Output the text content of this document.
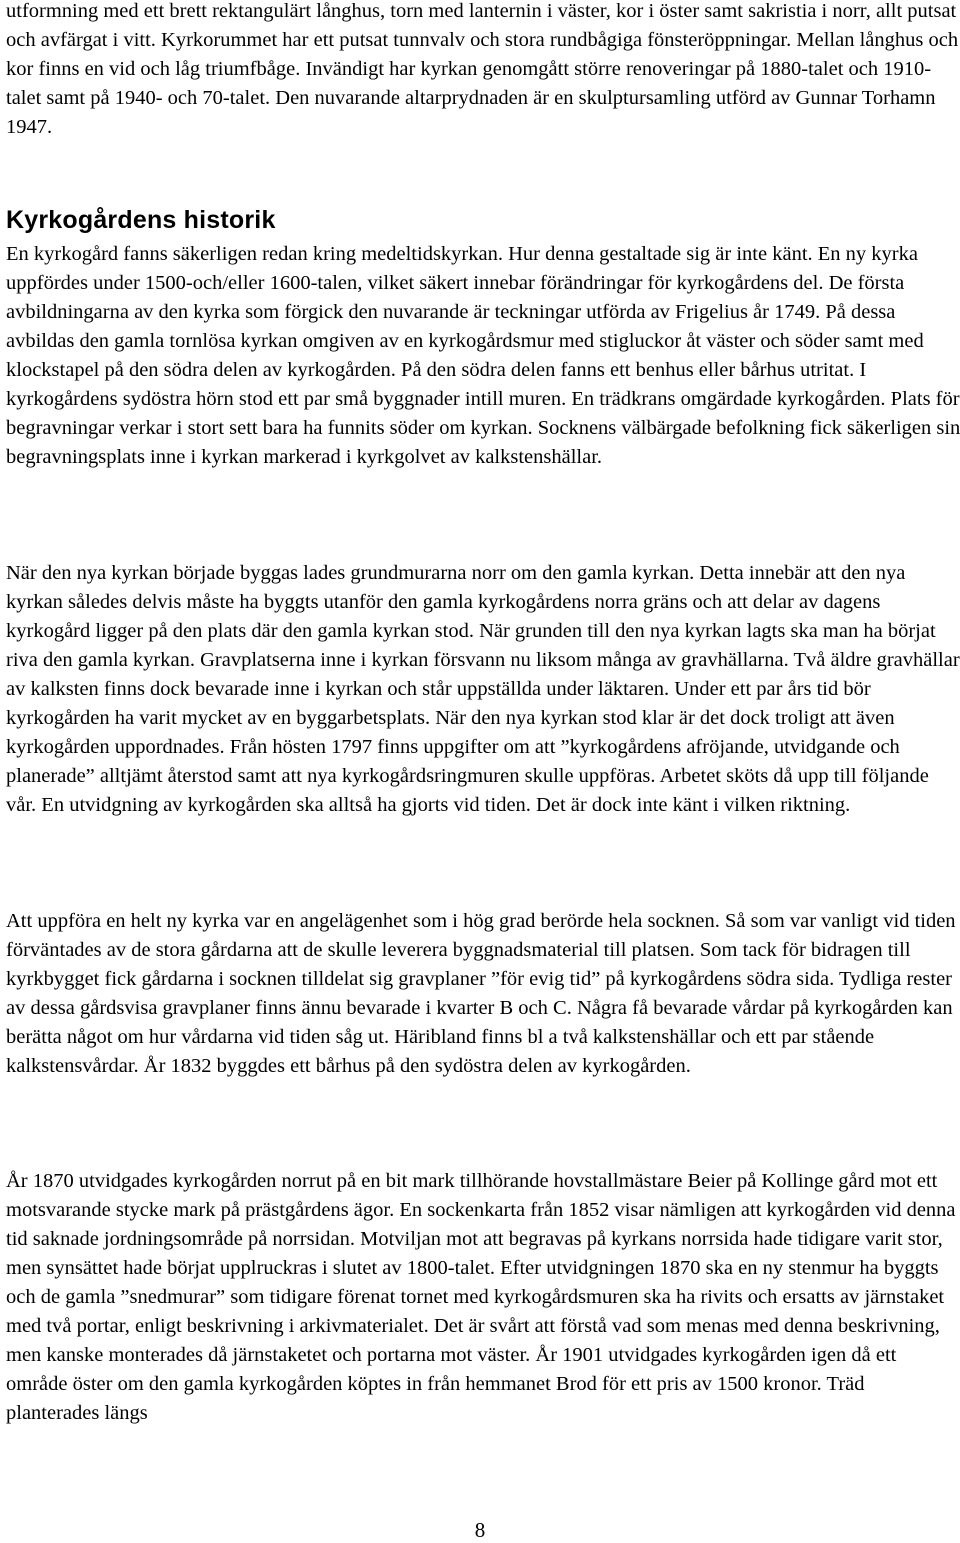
utformning med ett brett rektangulärt långhus, torn med lanternin i väster, kor i öster samt sakristia i norr, allt putsat och avfärgat i vitt. Kyrkorummet har ett putsat tunnvalv och stora rundbågiga fönsteröppningar. Mellan långhus och kor finns en vid och låg triumfbåge. Invändigt har kyrkan genomgått större renoveringar på 1880-talet och 1910-talet samt på 1940- och 70-talet. Den nuvarande altarprydnaden är en skulptursamling utförd av Gunnar Torhamn 1947.

Kyrkogårdens historik

En kyrkogård fanns säkerligen redan kring medeltidskyrkan. Hur denna gestaltade sig är inte känt. En ny kyrka uppfördes under 1500-och/eller 1600-talen, vilket säkert innebar förändringar för kyrkogårdens del. De första avbildningarna av den kyrka som förgick den nuvarande är teckningar utförda av Frigelius år 1749. På dessa avbildas den gamla tornlösa kyrkan omgiven av en kyrkogårdsmur med stigluckor åt väster och söder samt med klockstapel på den södra delen av kyrkogården. På den södra delen fanns ett benhus eller bårhus utritat. I kyrkogårdens sydöstra hörn stod ett par små byggnader intill muren. En trädkrans omgärdade kyrkogården. Plats för begravningar verkar i stort sett bara ha funnits söder om kyrkan. Socknens välbärgade befolkning fick säkerligen sin begravningsplats inne i kyrkan markerad i kyrkgolvet av kalkstenshällar.

När den nya kyrkan började byggas lades grundmurarna norr om den gamla kyrkan. Detta innebär att den nya kyrkan således delvis måste ha byggts utanför den gamla kyrkogårdens norra gräns och att delar av dagens kyrkogård ligger på den plats där den gamla kyrkan stod. När grunden till den nya kyrkan lagts ska man ha börjat riva den gamla kyrkan. Gravplatserna inne i kyrkan försvann nu liksom många av gravhällarna. Två äldre gravhällar av kalksten finns dock bevarade inne i kyrkan och står uppställda under läktaren. Under ett par års tid bör kyrkogården ha varit mycket av en byggarbetsplats. När den nya kyrkan stod klar är det dock troligt att även kyrkogården uppordnades. Från hösten 1797 finns uppgifter om att ”kyrkogårdens afröjande, utvidgande och planerade” alltjämt återstod samt att nya kyrkogårdsringmuren skulle uppföras. Arbetet sköts då upp till följande vår. En utvidgning av kyrkogården ska alltså ha gjorts vid tiden. Det är dock inte känt i vilken riktning.

Att uppföra en helt ny kyrka var en angelägenhet som i hög grad berörde hela socknen. Så som var vanligt vid tiden förväntades av de stora gårdarna att de skulle leverera byggnadsmaterial till platsen. Som tack för bidragen till kyrkbygget fick gårdarna i socknen tilldelat sig gravplaner ”för evig tid” på kyrkogårdens södra sida. Tydliga rester av dessa gårdsvisa gravplaner finns ännu bevarade i kvarter B och C. Några få bevarade vårdar på kyrkogården kan berätta något om hur vårdarna vid tiden såg ut. Häribland finns bl a två kalkstenshällar och ett par stående kalkstensvårdar. År 1832 byggdes ett bårhus på den sydöstra delen av kyrkogården.

År 1870 utvidgades kyrkogården norrut på en bit mark tillhörande hovstallmästare Beier på Kollinge gård mot ett motsvarande stycke mark på prästgårdens ägor. En sockenkarta från 1852 visar nämligen att kyrkogården vid denna tid saknade jordningsområde på norrsidan. Motviljan mot att begravas på kyrkans norrsida hade tidigare varit stor, men synsättet hade börjat upplruckras i slutet av 1800-talet. Efter utvidgningen 1870 ska en ny stenmur ha byggts och de gamla ”snedmurar” som tidigare förenat tornet med kyrkogårdsmuren ska ha rivits och ersatts av järnstaket med två portar, enligt beskrivning i arkivmaterialet. Det är svårt att förstå vad som menas med denna beskrivning, men kanske monterades då järnstaketet och portarna mot väster. År 1901 utvidgades kyrkogården igen då ett område öster om den gamla kyrkogården köptes in från hemmanet Brod för ett pris av 1500 kronor. Träd planterades längs

8
